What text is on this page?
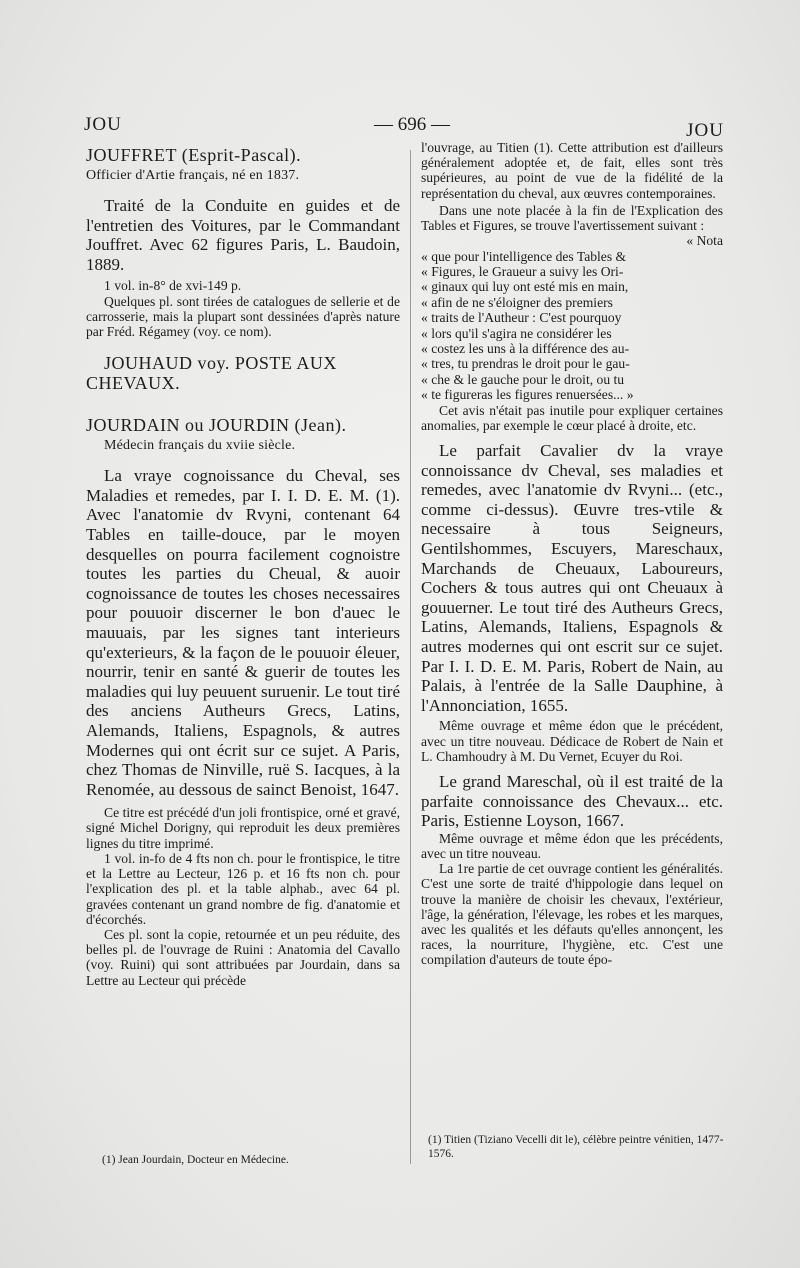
JOU	— 696 —	JOU

JOUFFRET (Esprit-Pascal).

Officier d'Artie français, né en 1837.

Traité de la Conduite en guides et de l'entretien des Voitures, par le Commandant Jouffret. Avec 62 figures Paris, L. Baudoin, 1889.

1 vol. in-8° de xvi-149 p.

Quelques pl. sont tirées de catalogues de sellerie et de carrosserie, mais la plupart sont dessinées d'après nature par Fréd. Régamey (voy. ce nom).

JOUHAUD voy. POSTE AUX CHEVAUX.

JOURDAIN ou JOURDIN (Jean).

Médecin français du xviie siècle.

La vraye cognoissance du Cheval, ses Maladies et remedes, par I. I. D. E. M. (1). Avec l'anatomie dv Rvyni, contenant 64 Tables en taille-douce, par le moyen desquelles on pourra facilement cognoistre toutes les parties du Cheual, & auoir cognoissance de toutes les choses necessaires pour pouuoir discerner le bon d'auec le mauuais, par les signes tant interieurs qu'exterieurs, & la façon de le pouuoir éleuer, nourrir, tenir en santé & guerir de toutes les maladies qui luy peuuent suruenir. Le tout tiré des anciens Autheurs Grecs, Latins, Alemands, Italiens, Espagnols, & autres Modernes qui ont écrit sur ce sujet. A Paris, chez Thomas de Ninville, ruë S. Iacques, à la Renomée, au dessous de sainct Benoist, 1647.

Ce titre est précédé d'un joli frontispice, orné et gravé, signé Michel Dorigny, qui reproduit les deux premières lignes du titre imprimé.

1 vol. in-fo de 4 fts non ch. pour le frontispice, le titre et la Lettre au Lecteur, 126 p. et 16 fts non ch. pour l'explication des pl. et la table alphab., avec 64 pl. gravées contenant un grand nombre de fig. d'anatomie et d'écorchés.

Ces pl. sont la copie, retournée et un peu réduite, des belles pl. de l'ouvrage de Ruini : Anatomia del Cavallo (voy. Ruini) qui sont attribuées par Jourdain, dans sa Lettre au Lecteur qui précède

(1) Jean Jourdain, Docteur en Médecine.

l'ouvrage, au Titien (1). Cette attribution est d'ailleurs généralement adoptée et, de fait, elles sont très supérieures, au point de vue de la fidélité de la représentation du cheval, aux œuvres contemporaines.

Dans une note placée à la fin de l'Explication des Tables et Figures, se trouve l'avertissement suivant :

« Nota
« que pour l'intelligence des Tables &
« Figures, le Graueur a suivy les Ori-
« ginaux qui luy ont esté mis en main,
« afin de ne s'éloigner des premiers
« traits de l'Autheur : C'est pourquoy
« lors qu'il s'agira ne considérer les
« costez les uns à la différence des au-
« tres, tu prendras le droit pour le gau-
« che & le gauche pour le droit, ou tu
« te figureras les figures renuersées... »

Cet avis n'était pas inutile pour expliquer certaines anomalies, par exemple le cœur placé à droite, etc.

Le parfait Cavalier dv la vraye connoissance dv Cheval, ses maladies et remedes, avec l'anatomie dv Rvyni... (etc., comme ci-dessus). Œuvre tres-vtile & necessaire à tous Seigneurs, Gentilshommes, Escuyers, Mareschaux, Marchands de Cheuaux, Laboureurs, Cochers & tous autres qui ont Cheuaux à gouuerner. Le tout tiré des Autheurs Grecs, Latins, Alemands, Italiens, Espagnols & autres modernes qui ont escrit sur ce sujet. Par I. I. D. E. M. Paris, Robert de Nain, au Palais, à l'entrée de la Salle Dauphine, à l'Annonciation, 1655.

Même ouvrage et même édon que le précédent, avec un titre nouveau. Dédicace de Robert de Nain et L. Chamhoudry à M. Du Vernet, Ecuyer du Roi.

Le grand Mareschal, où il est traité de la parfaite connoissance des Chevaux... etc. Paris, Estienne Loyson, 1667.

Même ouvrage et même édon que les précédents, avec un titre nouveau.

La 1re partie de cet ouvrage contient les généralités. C'est une sorte de traité d'hippologie dans lequel on trouve la manière de choisir les chevaux, l'extérieur, l'âge, la génération, l'élevage, les robes et les marques, avec les qualités et les défauts qu'elles annonçent, les races, la nourriture, l'hygiène, etc. C'est une compilation d'auteurs de toute épo-

(1) Titien (Tiziano Vecelli dit le), célèbre peintre vénitien, 1477-1576.
